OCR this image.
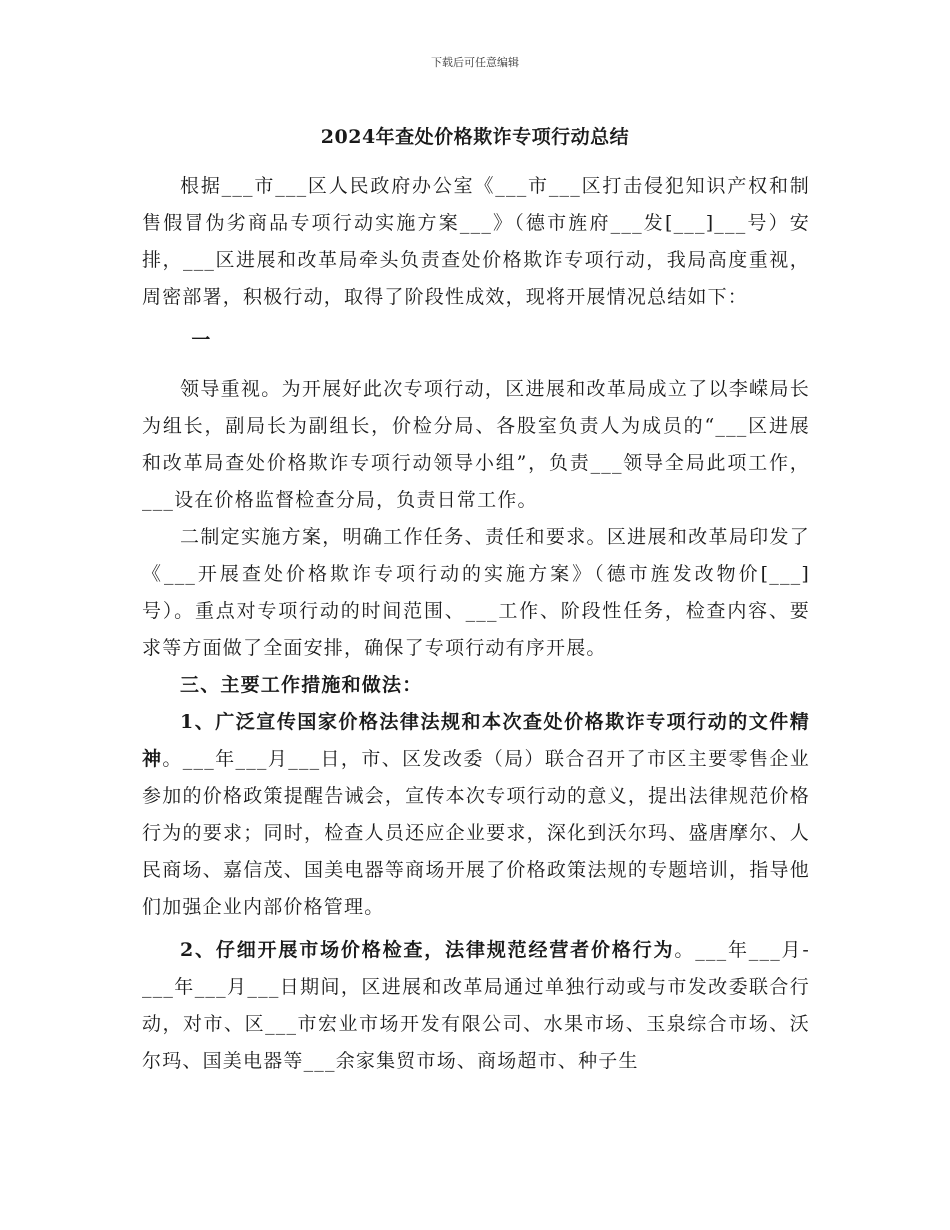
下载后可任意编辑
2024年查处价格欺诈专项行动总结

根据___市___区人民政府办公室《___市___区打击侵犯知识产权和制售假冒伪劣商品专项行动实施方案___》（德市旌府___发[___]___号）安排，___区进展和改革局牵头负责查处价格欺诈专项行动，我局高度重视，周密部署，积极行动，取得了阶段性成效，现将开展情况总结如下：

一

领导重视。为开展好此次专项行动，区进展和改革局成立了以李嵘局长为组长，副局长为副组长，价检分局、各股室负责人为成员的“___区进展和改革局查处价格欺诈专项行动领导小组”，负责___领导全局此项工作，___设在价格监督检查分局，负责日常工作。

二制定实施方案，明确工作任务、责任和要求。区进展和改革局印发了《___开展查处价格欺诈专项行动的实施方案》（德市旌发改物价[___]号）。重点对专项行动的时间范围、___工作、阶段性任务，检查内容、要求等方面做了全面安排，确保了专项行动有序开展。

三、主要工作措施和做法：

1、广泛宣传国家价格法律法规和本次查处价格欺诈专项行动的文件精神。___年___月___日，市、区发改委（局）联合召开了市区主要零售企业参加的价格政策提醒告诫会，宣传本次专项行动的意义，提出法律规范价格行为的要求；同时，检查人员还应企业要求，深化到沃尔玛、盛唐摩尔、人民商场、嘉信茂、国美电器等商场开展了价格政策法规的专题培训，指导他们加强企业内部价格管理。

2、仔细开展市场价格检查，法律规范经营者价格行为。___年___月-___年___月___日期间，区进展和改革局通过单独行动或与市发改委联合行动，对市、区___市宏业市场开发有限公司、水果市场、玉泉综合市场、沃尔玛、国美电器等___余家集贸市场、商场超市、种子生
